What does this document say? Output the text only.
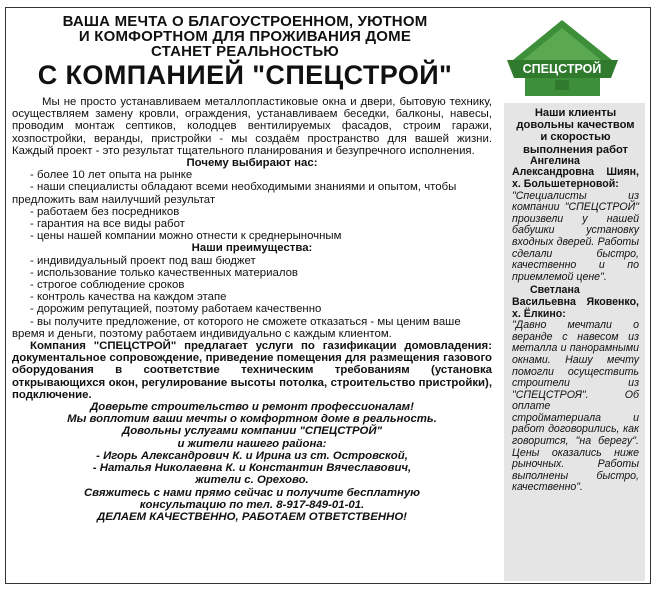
ВАША МЕЧТА О БЛАГОУСТРОЕННОМ, УЮТНОМ
И КОМФОРТНОМ ДЛЯ ПРОЖИВАНИЯ ДОМЕ
СТАНЕТ РЕАЛЬНОСТЬЮ
С КОМПАНИЕЙ "СПЕЦСТРОЙ"	СПЕЦСТРОЙ

Мы не просто устанавливаем металлопластиковые окна и двери, бытовую технику, осуществляем замену кровли, ограждения, устанавливаем беседки, балконы, навесы, проводим монтаж септиков, колодцев вентилируемых фасадов, строим гаражи, хозпостройки, веранды, пристройки - мы создаём пространство для вашей жизни. Каждый проект - это результат тщательного планирования и безупречного исполнения.

Почему выбирают нас:

- более 10 лет опыта на рынке

- наши специалисты обладают всеми необходимыми знаниями и опытом, чтобы предложить вам наилучший результат

- работаем без посредников

- гарантия на все виды работ

- цены нашей компании можно отнести к среднерыночным

Наши преимущества:

- индивидуальный проект под ваш бюджет

- использование только качественных материалов

- строгое соблюдение сроков

- контроль качества на каждом этапе

- дорожим репутацией, поэтому работаем качественно

- вы получите предложение, от которого не сможете отказаться - мы ценим ваше время и деньги, поэтому работаем индивидуально с каждым клиентом.

Компания "СПЕЦСТРОЙ" предлагает услуги по газификации домовладения: документальное сопровождение, приведение помещения для размещения газового оборудования в соответствие техническим требованиям (установка открывающихся окон, регулирование высоты потолка, строительство пристройки), подключение.

Доверьте строительство и ремонт профессионалам!

Мы воплотим ваши мечты о комфортном доме в реальность.

Довольны услугами компании "СПЕЦСТРОЙ"

и жители нашего района:

- Игорь Александрович К. и Ирина из ст. Островской,

- Наталья Николаевна К. и Константин Вячеславович,

жители с. Орехово.

Свяжитесь с нами прямо сейчас и получите бесплатную консультацию по тел. 8-917-849-01-01.

ДЕЛАЕМ КАЧЕСТВЕННО, РАБОТАЕМ ОТВЕТСТВЕННО!

Наши клиенты довольны качеством и скоростью выполнения работ

Ангелина Александровна Шиян, х. Большетерновой:

"Специалисты из компании "СПЕЦСТРОЙ" произвели у нашей бабушки установку входных дверей. Работы сделали быстро, качественно и по приемлемой цене".

Светлана Васильевна Яковенко, х. Ёлкино:

"Давно мечтали о веранде с навесом из металла и панорамными окнами. Нашу мечту помогли осуществить строители из "СПЕЦСТРОЯ". Об оплате стройматериала и работ договорились, как говорится, "на берегу". Цены оказались ниже рыночных. Работы выполнены быстро, качественно".
